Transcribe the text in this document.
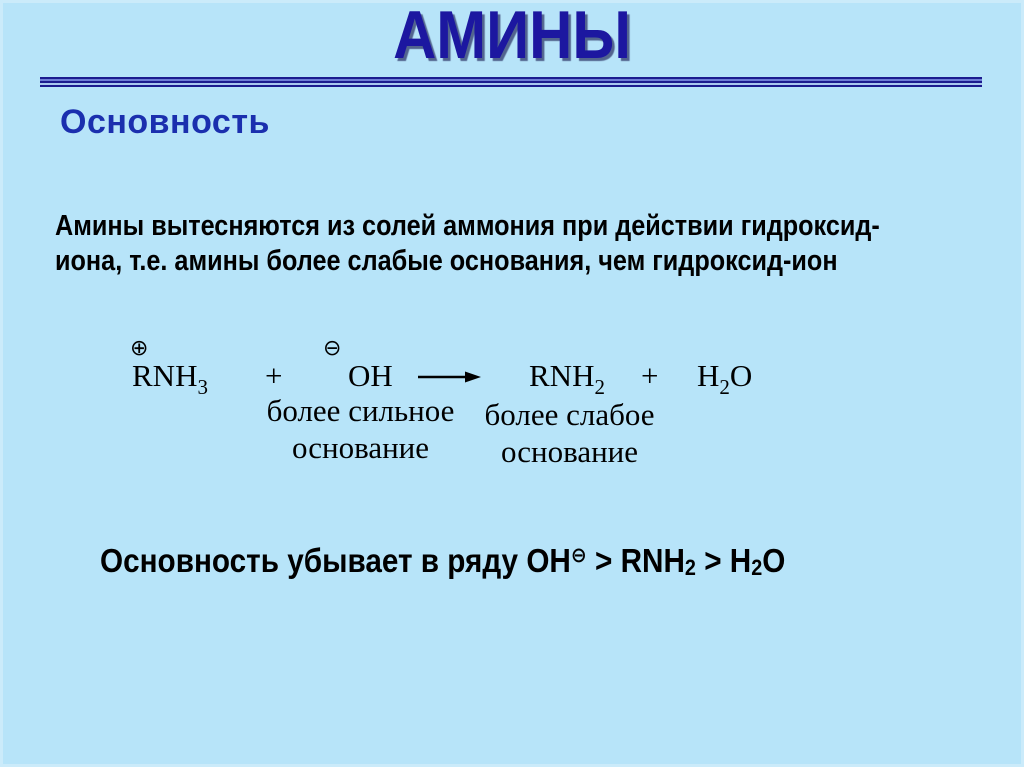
АМИНЫ
Основность
Амины вытесняются из солей аммония при действии гидроксид-
иона, т.е. амины более слабые основания, чем гидроксид-ион
⊕	⊖
$RNH_3$ + OH	$RNH_2 + H_2O$
более сильное
основание
более слабое
основание
Основность убывает в ряду OH⊖ > RNH2 > H2O
